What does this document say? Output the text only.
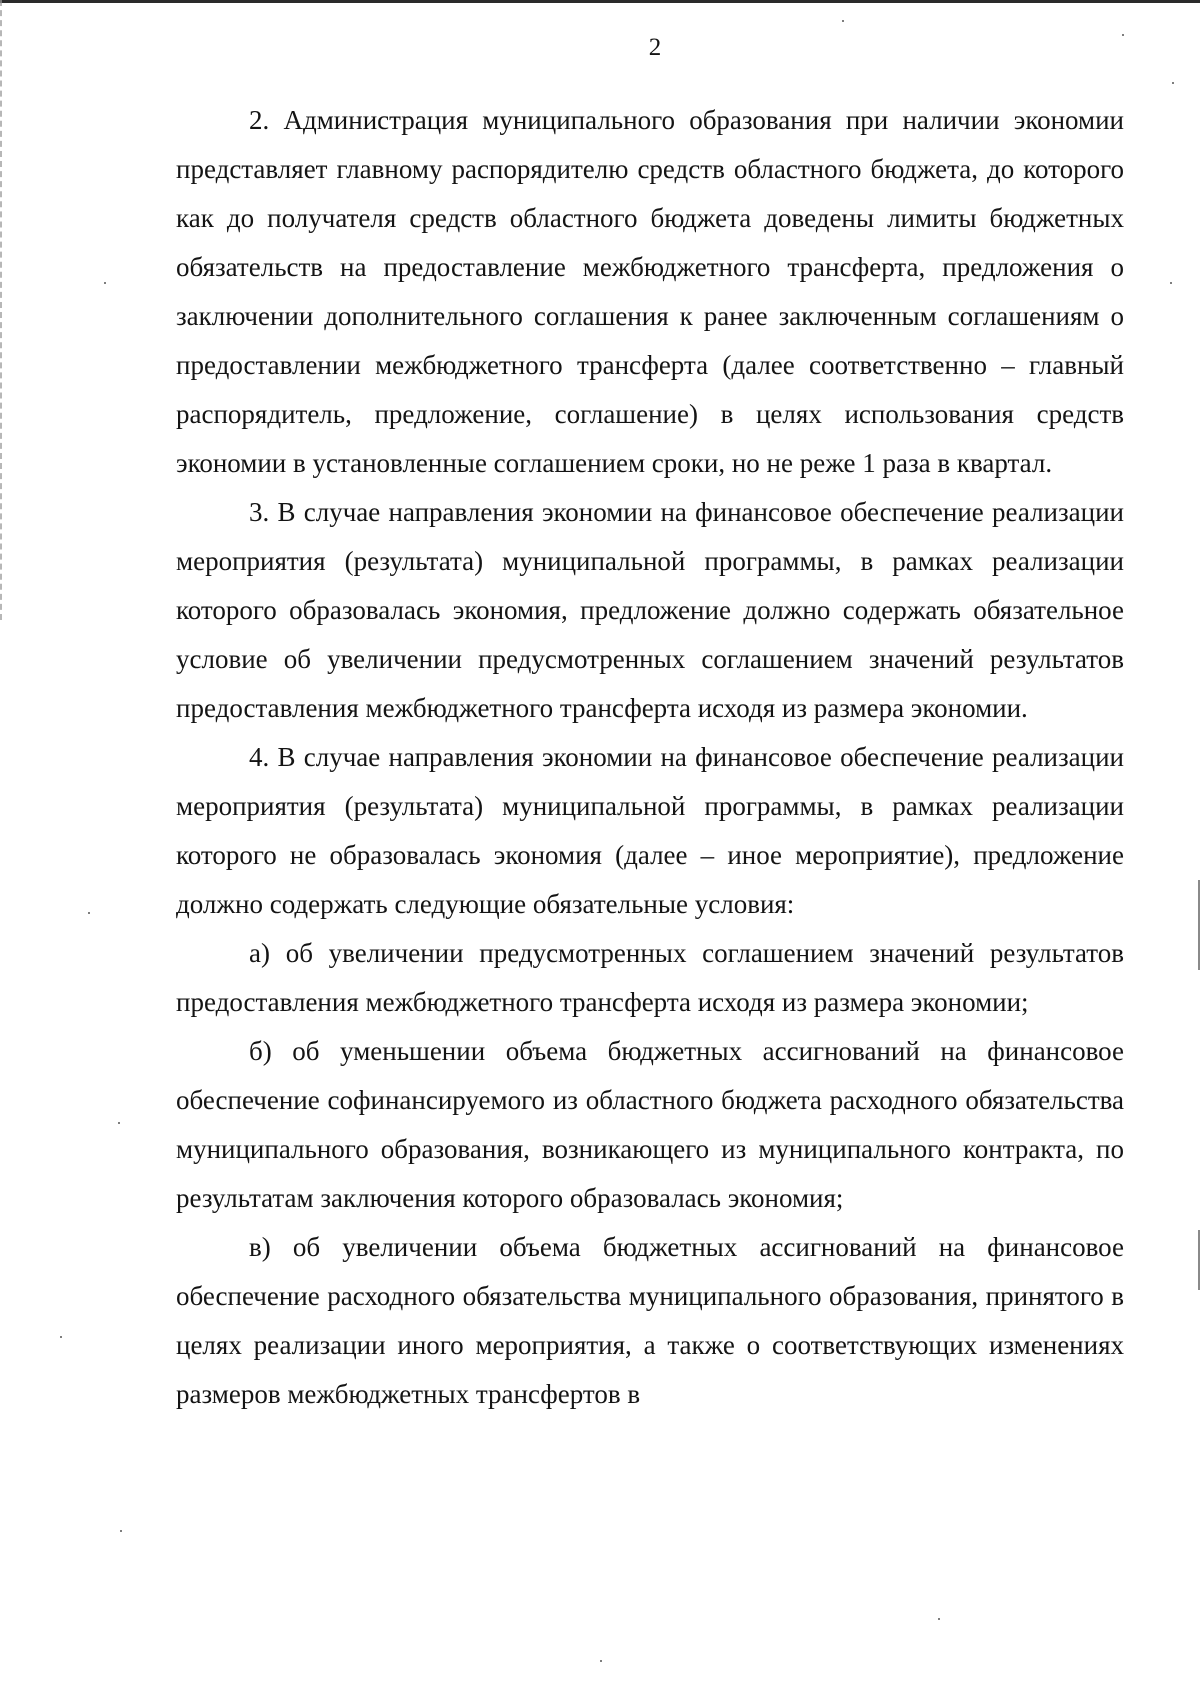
2

2. Администрация муниципального образования при наличии экономии представляет главному распорядителю средств областного бюджета, до которого как до получателя средств областного бюджета доведены лимиты бюджетных обязательств на предоставление межбюджетного трансферта, предложения о заключении дополнительного соглашения к ранее заключенным соглашениям о предоставлении межбюджетного трансферта (далее соответственно – главный распорядитель, предложение, соглашение) в целях использования средств экономии в установленные соглашением сроки, но не реже 1 раза в квартал.

3. В случае направления экономии на финансовое обеспечение реализации мероприятия (результата) муниципальной программы, в рамках реализации которого образовалась экономия, предложение должно содержать обязательное условие об увеличении предусмотренных соглашением значений результатов предоставления межбюджетного трансферта исходя из размера экономии.

4. В случае направления экономии на финансовое обеспечение реализации мероприятия (результата) муниципальной программы, в рамках реализации которого не образовалась экономия (далее – иное мероприятие), предложение должно содержать следующие обязательные условия:

а) об увеличении предусмотренных соглашением значений результатов предоставления межбюджетного трансферта исходя из размера экономии;

б) об уменьшении объема бюджетных ассигнований на финансовое обеспечение софинансируемого из областного бюджета расходного обязательства муниципального образования, возникающего из муниципального контракта, по результатам заключения которого образовалась экономия;

в) об увеличении объема бюджетных ассигнований на финансовое обеспечение расходного обязательства муниципального образования, принятого в целях реализации иного мероприятия, а также о соответствующих изменениях размеров межбюджетных трансфертов в
